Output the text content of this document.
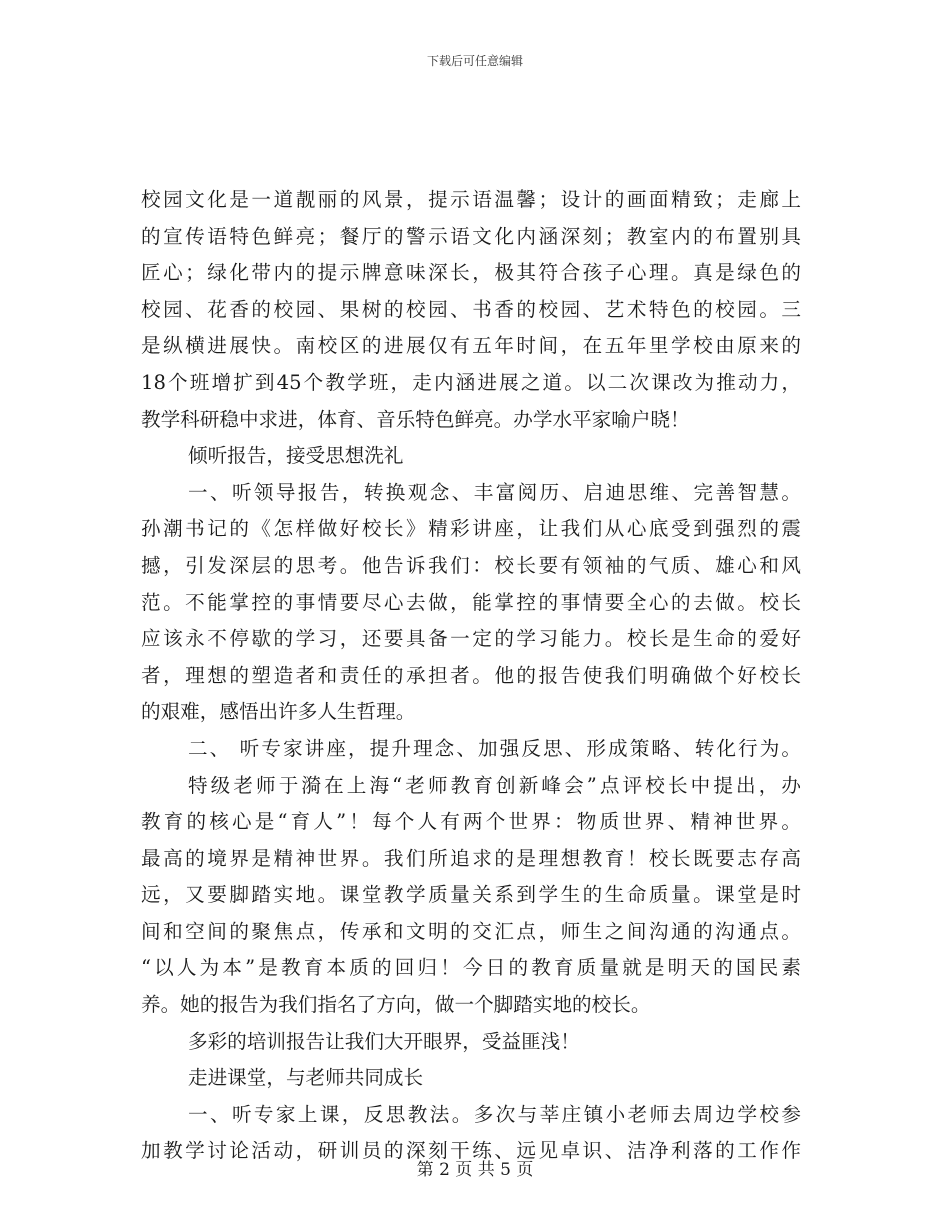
下载后可任意编辑
校园文化是一道靓丽的风景，提示语温馨；设计的画面精致；走廊上
的宣传语特色鲜亮；餐厅的警示语文化内涵深刻；教室内的布置别具
匠心；绿化带内的提示牌意味深长，极其符合孩子心理。真是绿色的
校园、花香的校园、果树的校园、书香的校园、艺术特色的校园。三
是纵横进展快。南校区的进展仅有五年时间，在五年里学校由原来的
18个班增扩到45个教学班，走内涵进展之道。以二次课改为推动力，
教学科研稳中求进，体育、音乐特色鲜亮。办学水平家喻户晓！
倾听报告，接受思想洗礼
一、听领导报告，转换观念、丰富阅历、启迪思维、完善智慧。
孙潮书记的《怎样做好校长》精彩讲座，让我们从心底受到强烈的震
撼，引发深层的思考。他告诉我们：校长要有领袖的气质、雄心和风
范。不能掌控的事情要尽心去做，能掌控的事情要全心的去做。校长
应该永不停歇的学习，还要具备一定的学习能力。校长是生命的爱好
者，理想的塑造者和责任的承担者。他的报告使我们明确做个好校长
的艰难，感悟出许多人生哲理。
二、 听专家讲座，提升理念、加强反思、形成策略、转化行为。
特级老师于漪在上海“老师教育创新峰会”点评校长中提出，办
教育的核心是“育人”！每个人有两个世界：物质世界、精神世界。
最高的境界是精神世界。我们所追求的是理想教育！校长既要志存高
远，又要脚踏实地。课堂教学质量关系到学生的生命质量。课堂是时
间和空间的聚焦点，传承和文明的交汇点，师生之间沟通的沟通点。
“以人为本”是教育本质的回归！今日的教育质量就是明天的国民素
养。她的报告为我们指名了方向，做一个脚踏实地的校长。
多彩的培训报告让我们大开眼界，受益匪浅！
走进课堂，与老师共同成长
一、听专家上课，反思教法。多次与莘庄镇小老师去周边学校参
加教学讨论活动，研训员的深刻干练、远见卓识、洁净利落的工作作
第 2 页 共 5 页
